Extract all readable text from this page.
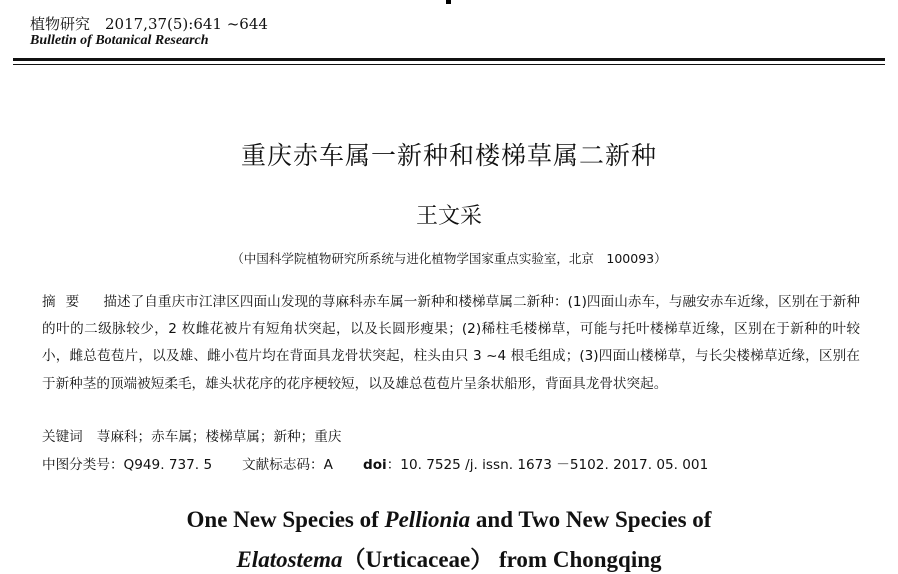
植物研究　2017,37(5):641 ~644
Bulletin of Botanical Research
重庆赤车属一新种和楼梯草属二新种
王文采
（中国科学院植物研究所系统与进化植物学国家重点实验室，北京　100093）
摘要 描述了自重庆市江津区四面山发现的荨麻科赤车属一新种和楼梯草属二新种：(1)四面山赤车，与融安赤车近缘，区别在于新种的叶的二级脉较少，2 枚雌花被片有短角状突起，以及长圆形瘦果；(2)稀柱毛楼梯草，可能与托叶楼梯草近缘，区别在于新种的叶较小，雌总苞苞片，以及雄、雌小苞片均在背面具龙骨状突起，柱头由只 3 ~4 根毛组成；(3)四面山楼梯草，与长尖楼梯草近缘，区别在于新种茎的顶端被短柔毛，雄头状花序的花序梗较短，以及雄总苞苞片呈条状船形，背面具龙骨状突起。
关键词 荨麻科；赤车属；楼梯草属；新种；重庆
中图分类号：Q949. 737. 5 文献标志码：A doi：10. 7525 /j. issn. 1673 －5102. 2017. 05. 001
One New Species of Pellionia and Two New Species of
Elatostema（Urticaceae） from Chongqing
